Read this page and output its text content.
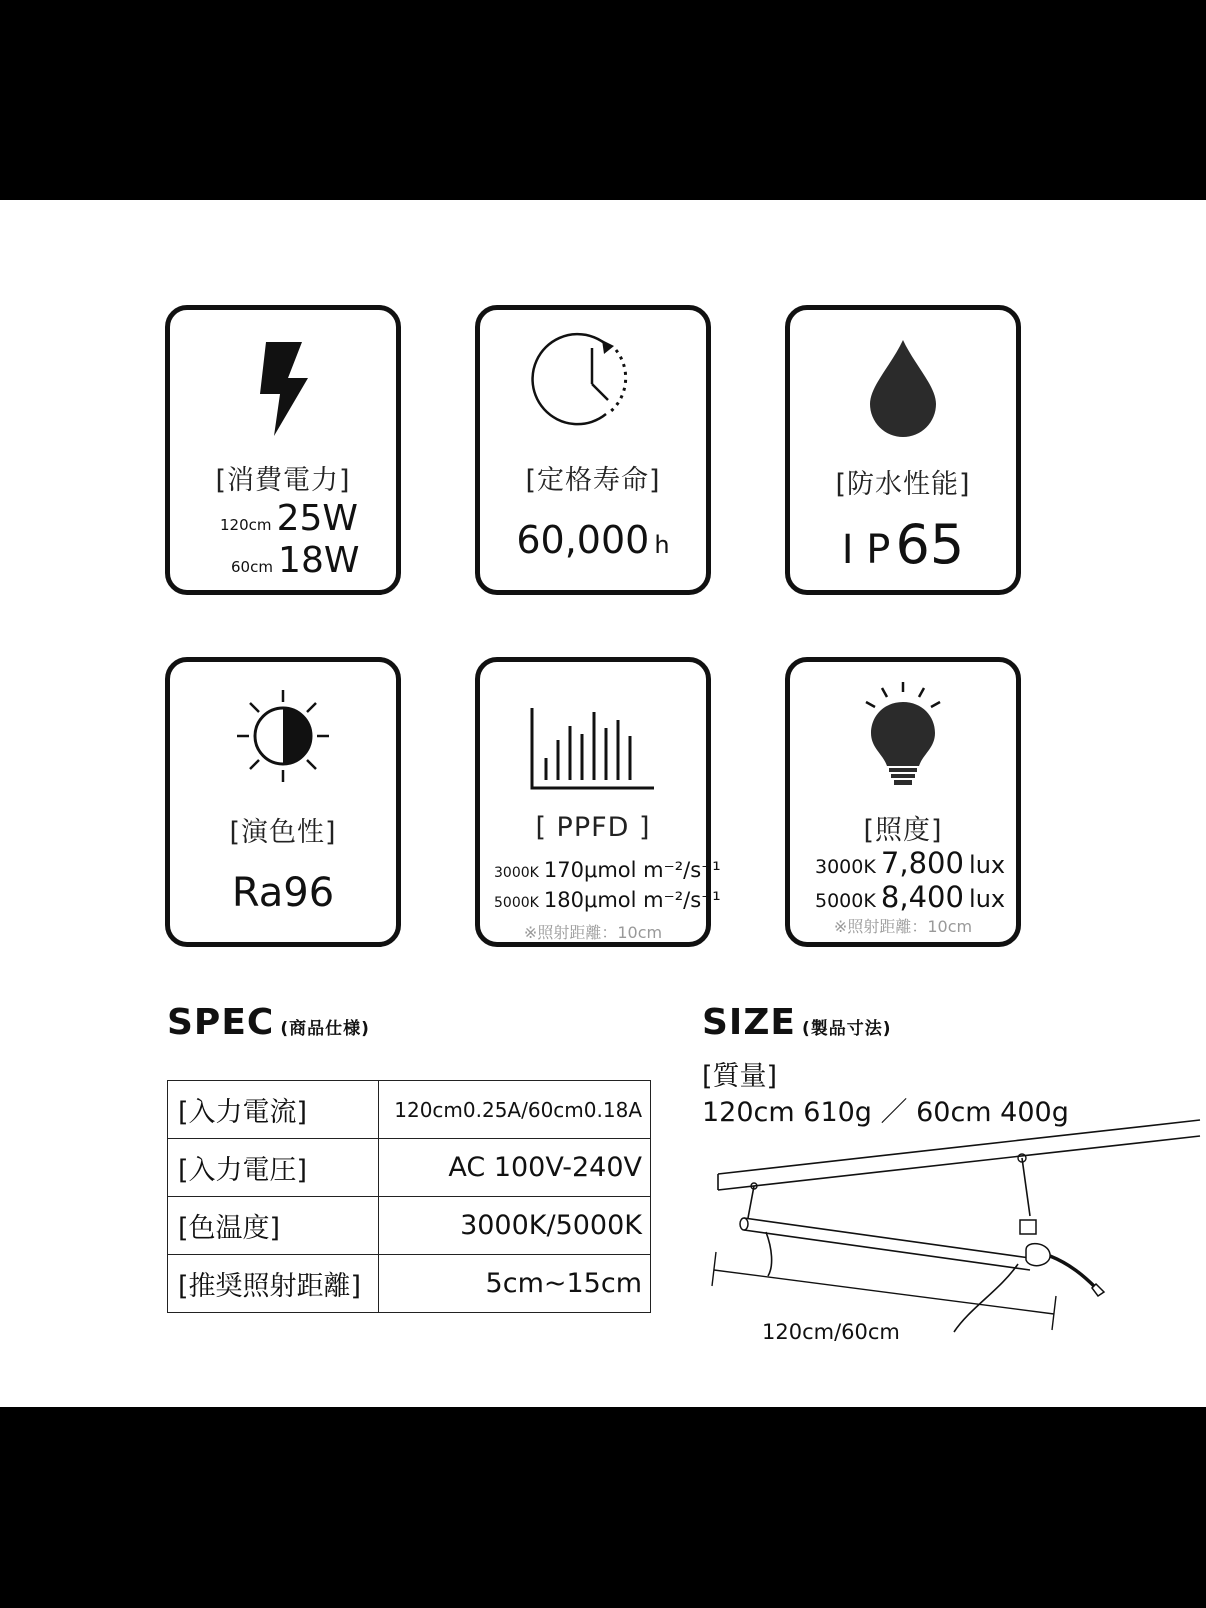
[消費電力]
120cm 25W
60cm 18W
[定格寿命]
60,000 h
[防水性能]
I P 65
[演色性]
Ra96
[ PPFD ]
3000K 170μmol m⁻²/s⁻¹
5000K 180μmol m⁻²/s⁻¹
※照射距離：10cm
[照度]
3000K 7,800 lux
5000K 8,400 lux
※照射距離：10cm
SPEC (商品仕様)
[入力電流]	120cm0.25A/60cm0.18A
[入力電圧]	AC 100V-240V
[色温度]	3000K/5000K
[推奨照射距離]	5cm~15cm
SIZE (製品寸法)
[質量]
120cm 610g ／ 60cm 400g
120cm/60cm
